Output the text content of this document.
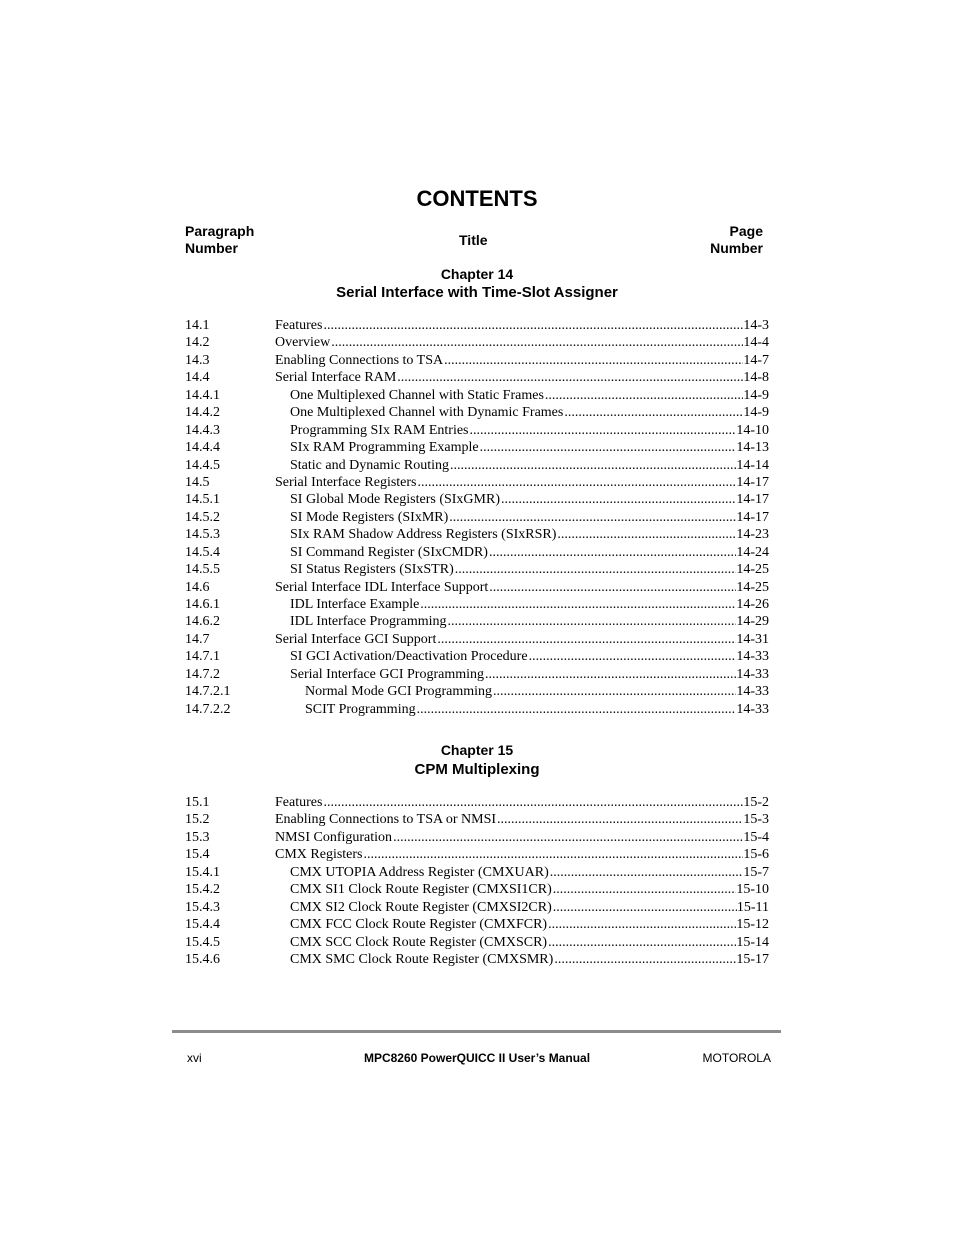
CONTENTS
Paragraph
Number	Title
Page
Number
Chapter 14
Serial Interface with Time-Slot Assigner
14.1	Features .....	14-3
14.2	Overview .....	14-4
14.3	Enabling Connections to TSA .....	14-7
14.4	Serial Interface RAM .....	14-8
14.4.1	One Multiplexed Channel with Static Frames .....	14-9
14.4.2	One Multiplexed Channel with Dynamic Frames .....	14-9
14.4.3	Programming SIx RAM Entries .....	14-10
14.4.4	SIx RAM Programming Example .....	14-13
14.4.5	Static and Dynamic Routing .....	14-14
14.5	Serial Interface Registers .....	14-17
14.5.1	SI Global Mode Registers (SIxGMR) .....	14-17
14.5.2	SI Mode Registers (SIxMR) .....	14-17
14.5.3	SIx RAM Shadow Address Registers (SIxRSR) .....	14-23
14.5.4	SI Command Register (SIxCMDR) .....	14-24
14.5.5	SI Status Registers (SIxSTR) .....	14-25
14.6	Serial Interface IDL Interface Support .....	14-25
14.6.1	IDL Interface Example .....	14-26
14.6.2	IDL Interface Programming .....	14-29
14.7	Serial Interface GCI Support .....	14-31
14.7.1	SI GCI Activation/Deactivation Procedure .....	14-33
14.7.2	Serial Interface GCI Programming .....	14-33
14.7.2.1	Normal Mode GCI Programming .....	14-33
14.7.2.2	SCIT Programming .....	14-33
Chapter 15
CPM Multiplexing
15.1	Features .....	15-2
15.2	Enabling Connections to TSA or NMSI .....	15-3
15.3	NMSI Configuration .....	15-4
15.4	CMX Registers .....	15-6
15.4.1	CMX UTOPIA Address Register (CMXUAR) .....	15-7
15.4.2	CMX SI1 Clock Route Register (CMXSI1CR) .....	15-10
15.4.3	CMX SI2 Clock Route Register (CMXSI2CR) .....	15-11
15.4.4	CMX FCC Clock Route Register (CMXFCR) .....	15-12
15.4.5	CMX SCC Clock Route Register (CMXSCR) .....	15-14
15.4.6	CMX SMC Clock Route Register (CMXSMR) .....	15-17
xvi	MPC8260 PowerQUICC II User’s Manual	MOTOROLA
